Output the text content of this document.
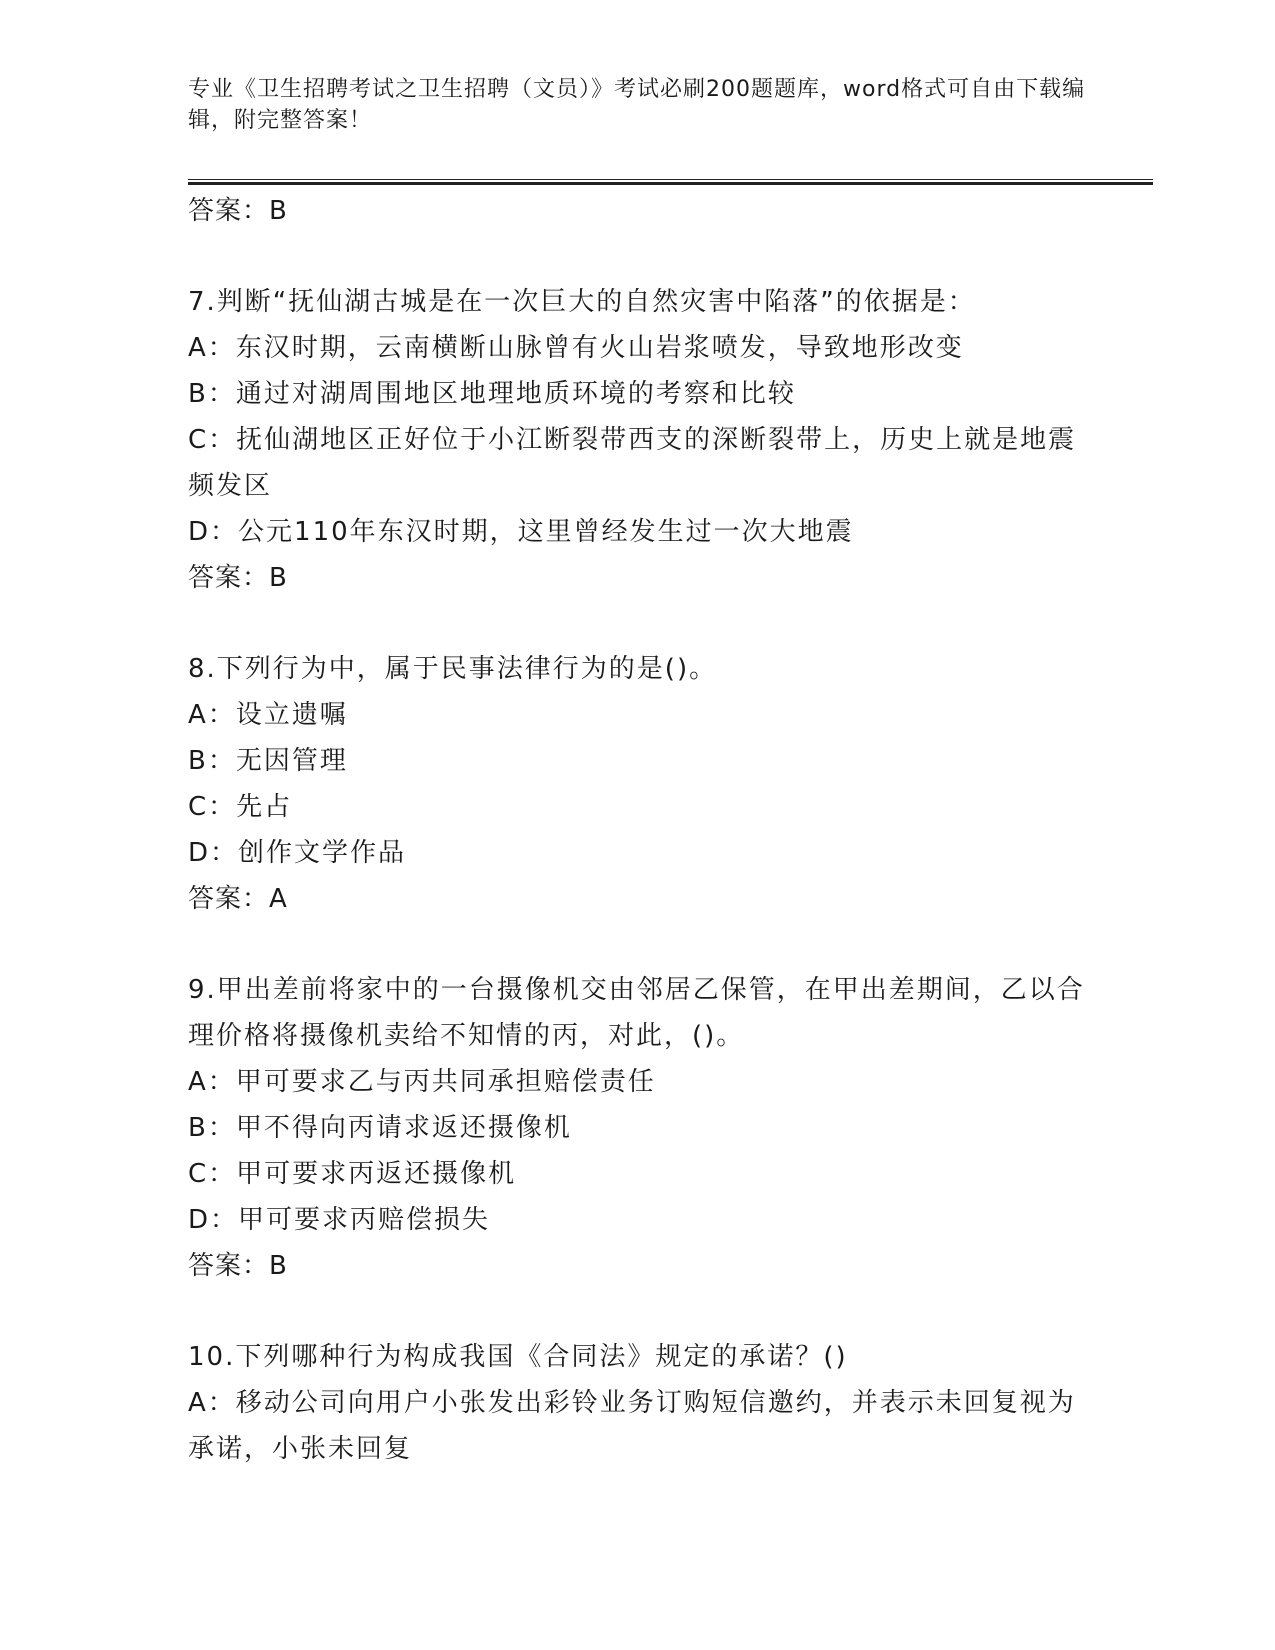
专业《卫生招聘考试之卫生招聘（文员）》考试必刷200题题库，word格式可自由下载编辑，附完整答案！

答案：B

7.判断“抚仙湖古城是在一次巨大的自然灾害中陷落”的依据是：

A：东汉时期，云南横断山脉曾有火山岩浆喷发，导致地形改变

B：通过对湖周围地区地理地质环境的考察和比较

C：抚仙湖地区正好位于小江断裂带西支的深断裂带上，历史上就是地震频发区

D：公元110年东汉时期，这里曾经发生过一次大地震

答案：B

8.下列行为中，属于民事法律行为的是()。

A：设立遗嘱

B：无因管理

C：先占

D：创作文学作品

答案：A

9.甲出差前将家中的一台摄像机交由邻居乙保管，在甲出差期间，乙以合理价格将摄像机卖给不知情的丙，对此，()。

A：甲可要求乙与丙共同承担赔偿责任

B：甲不得向丙请求返还摄像机

C：甲可要求丙返还摄像机

D：甲可要求丙赔偿损失

答案：B

10.下列哪种行为构成我国《合同法》规定的承诺？()

A：移动公司向用户小张发出彩铃业务订购短信邀约，并表示未回复视为承诺，小张未回复
